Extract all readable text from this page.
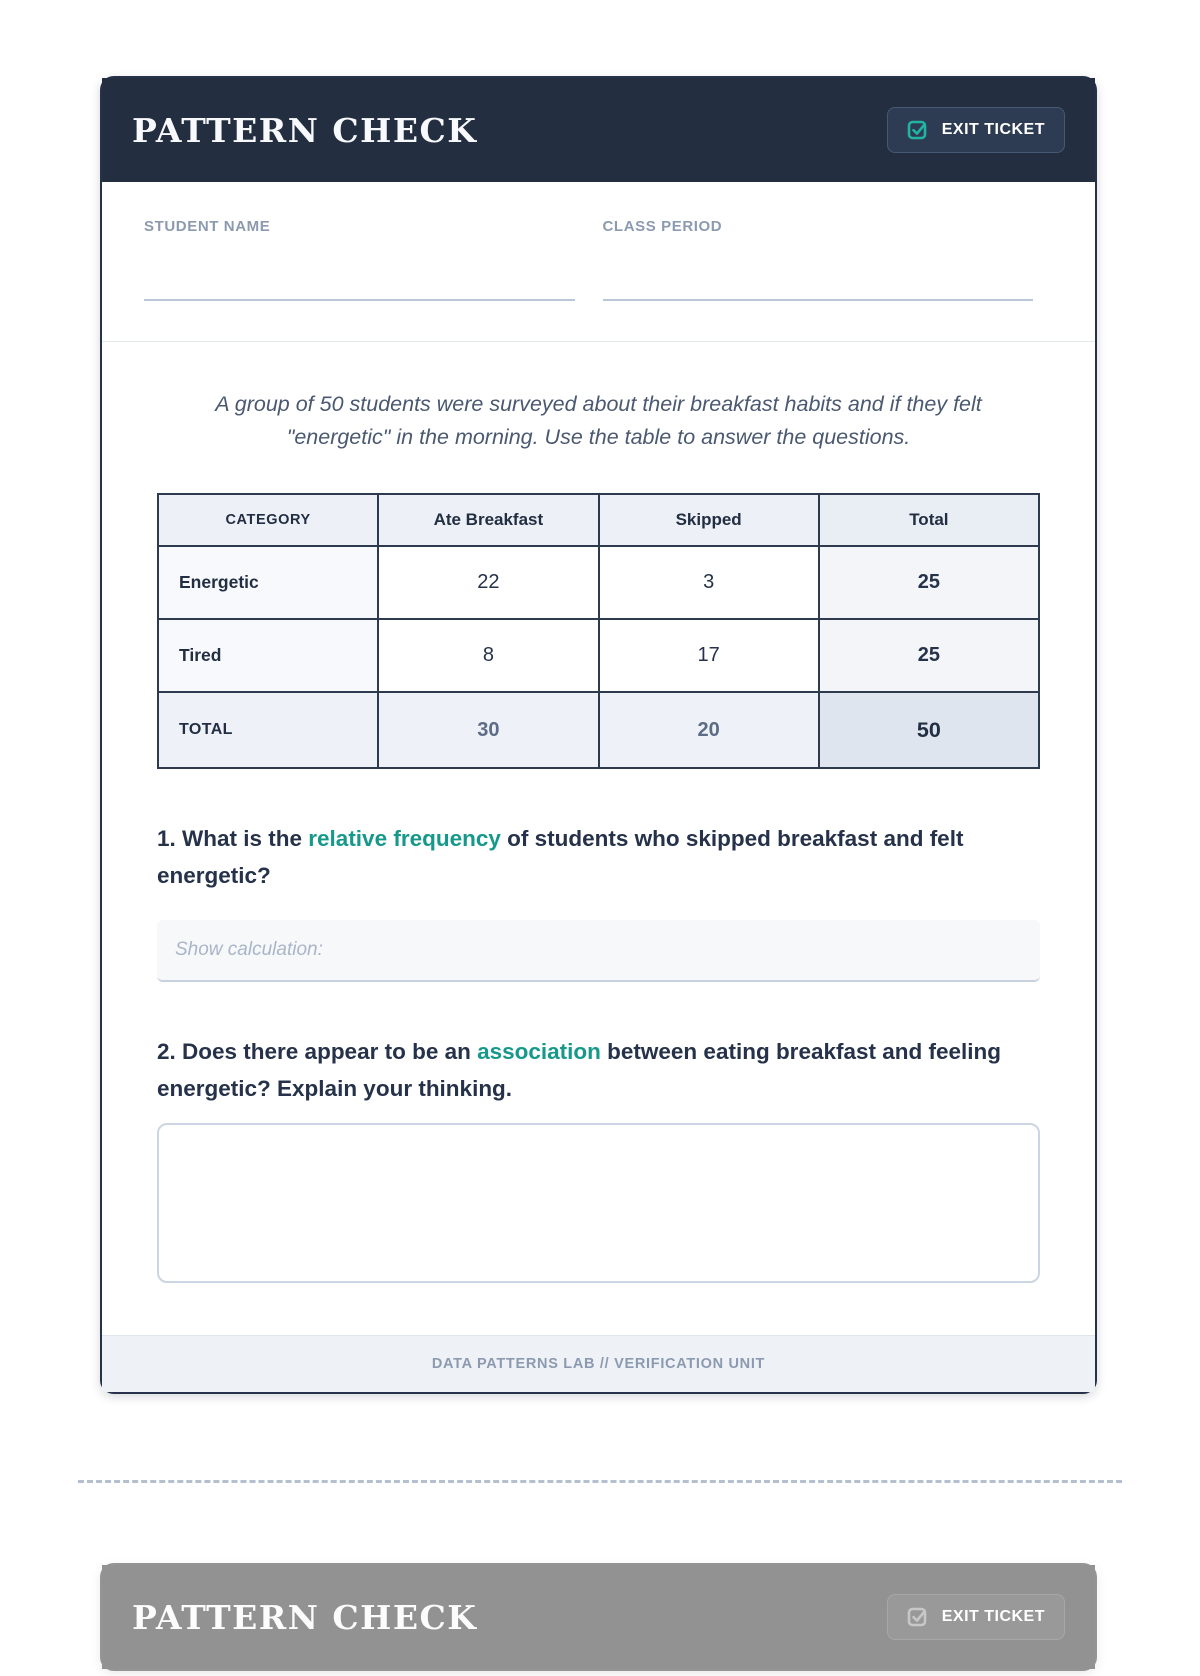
PATTERN CHECK	EXIT TICKET
STUDENT NAME	CLASS PERIOD

A group of 50 students were surveyed about their breakfast habits and if they felt "energetic" in the morning. Use the table to answer the questions.

CATEGORY	Ate Breakfast	Skipped	Total
Energetic	22	3	25
Tired	8	17	25
TOTAL	30	20	50

1. What is the relative frequency of students who skipped breakfast and felt energetic?

Show calculation:

2. Does there appear to be an association between eating breakfast and feeling energetic? Explain your thinking.

DATA PATTERNS LAB // VERIFICATION UNIT
PATTERN CHECK	EXIT TICKET
